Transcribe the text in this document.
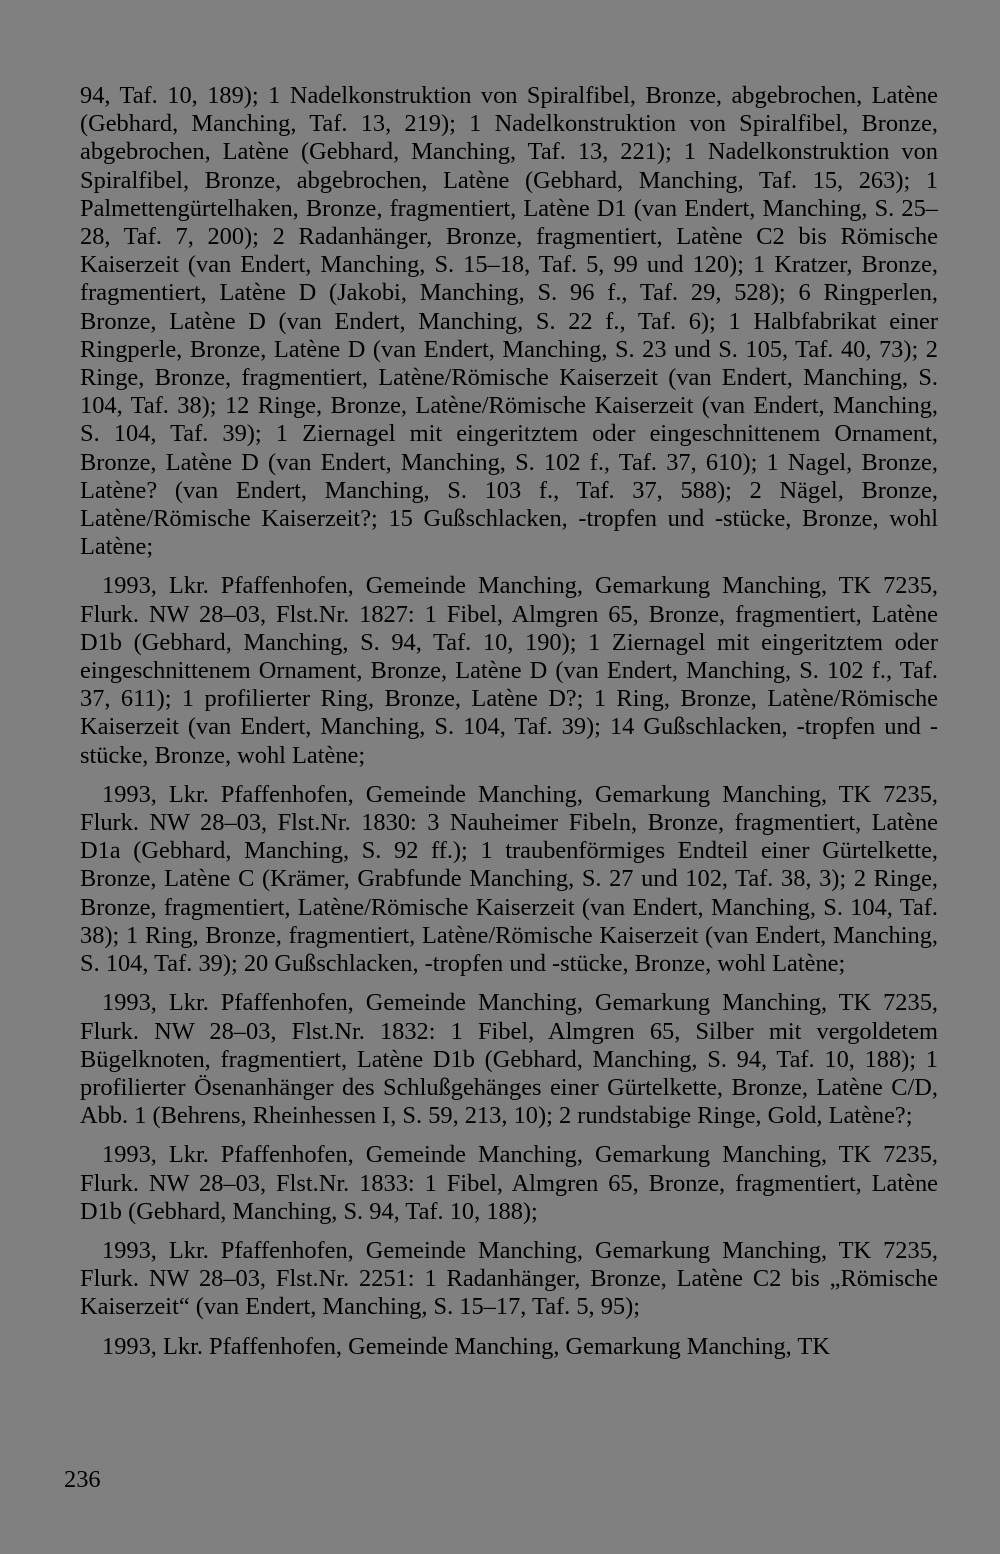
94, Taf. 10, 189); 1 Nadelkonstruktion von Spiralfibel, Bronze, abgebrochen, Latène (Gebhard, Manching, Taf. 13, 219); 1 Nadelkonstruktion von Spiralfibel, Bronze, abgebrochen, Latène (Gebhard, Manching, Taf. 13, 221); 1 Nadelkonstruktion von Spiralfibel, Bronze, abgebrochen, Latène (Gebhard, Manching, Taf. 15, 263); 1 Palmettengürtelhaken, Bronze, fragmentiert, Latène D1 (van Endert, Manching, S. 25–28, Taf. 7, 200); 2 Radanhänger, Bronze, fragmentiert, Latène C2 bis Römische Kaiserzeit (van Endert, Manching, S. 15–18, Taf. 5, 99 und 120); 1 Kratzer, Bronze, fragmentiert, Latène D (Jakobi, Manching, S. 96 f., Taf. 29, 528); 6 Ringperlen, Bronze, Latène D (van Endert, Manching, S. 22 f., Taf. 6); 1 Halbfabrikat einer Ringperle, Bronze, Latène D (van Endert, Manching, S. 23 und S. 105, Taf. 40, 73); 2 Ringe, Bronze, fragmentiert, Latène/Römische Kaiserzeit (van Endert, Manching, S. 104, Taf. 38); 12 Ringe, Bronze, Latène/Römische Kaiserzeit (van Endert, Manching, S. 104, Taf. 39); 1 Ziernagel mit eingeritztem oder eingeschnittenem Ornament, Bronze, Latène D (van Endert, Manching, S. 102 f., Taf. 37, 610); 1 Nagel, Bronze, Latène? (van Endert, Manching, S. 103 f., Taf. 37, 588); 2 Nägel, Bronze, Latène/Römische Kaiserzeit?; 15 Gußschlacken, -tropfen und -stücke, Bronze, wohl Latène;

1993, Lkr. Pfaffenhofen, Gemeinde Manching, Gemarkung Manching, TK 7235, Flurk. NW 28–03, Flst.Nr. 1827: 1 Fibel, Almgren 65, Bronze, fragmentiert, Latène D1b (Gebhard, Manching, S. 94, Taf. 10, 190); 1 Ziernagel mit eingeritztem oder eingeschnittenem Ornament, Bronze, Latène D (van Endert, Manching, S. 102 f., Taf. 37, 611); 1 profilierter Ring, Bronze, Latène D?; 1 Ring, Bronze, Latène/Römische Kaiserzeit (van Endert, Manching, S. 104, Taf. 39); 14 Gußschlacken, -tropfen und -stücke, Bronze, wohl Latène;

1993, Lkr. Pfaffenhofen, Gemeinde Manching, Gemarkung Manching, TK 7235, Flurk. NW 28–03, Flst.Nr. 1830: 3 Nauheimer Fibeln, Bronze, fragmentiert, Latène D1a (Gebhard, Manching, S. 92 ff.); 1 traubenförmiges Endteil einer Gürtelkette, Bronze, Latène C (Krämer, Grabfunde Manching, S. 27 und 102, Taf. 38, 3); 2 Ringe, Bronze, fragmentiert, Latène/Römische Kaiserzeit (van Endert, Manching, S. 104, Taf. 38); 1 Ring, Bronze, fragmentiert, Latène/Römische Kaiserzeit (van Endert, Manching, S. 104, Taf. 39); 20 Gußschlacken, -tropfen und -stücke, Bronze, wohl Latène;

1993, Lkr. Pfaffenhofen, Gemeinde Manching, Gemarkung Manching, TK 7235, Flurk. NW 28–03, Flst.Nr. 1832: 1 Fibel, Almgren 65, Silber mit vergoldetem Bügelknoten, fragmentiert, Latène D1b (Gebhard, Manching, S. 94, Taf. 10, 188); 1 profilierter Ösenanhänger des Schlußgehänges einer Gürtelkette, Bronze, Latène C/D, Abb. 1 (Behrens, Rheinhessen I, S. 59, 213, 10); 2 rundstabige Ringe, Gold, Latène?;

1993, Lkr. Pfaffenhofen, Gemeinde Manching, Gemarkung Manching, TK 7235, Flurk. NW 28–03, Flst.Nr. 1833: 1 Fibel, Almgren 65, Bronze, fragmentiert, Latène D1b (Gebhard, Manching, S. 94, Taf. 10, 188);

1993, Lkr. Pfaffenhofen, Gemeinde Manching, Gemarkung Manching, TK 7235, Flurk. NW 28–03, Flst.Nr. 2251: 1 Radanhänger, Bronze, Latène C2 bis „Römische Kaiserzeit“ (van Endert, Manching, S. 15–17, Taf. 5, 95);

1993, Lkr. Pfaffenhofen, Gemeinde Manching, Gemarkung Manching, TK

236
